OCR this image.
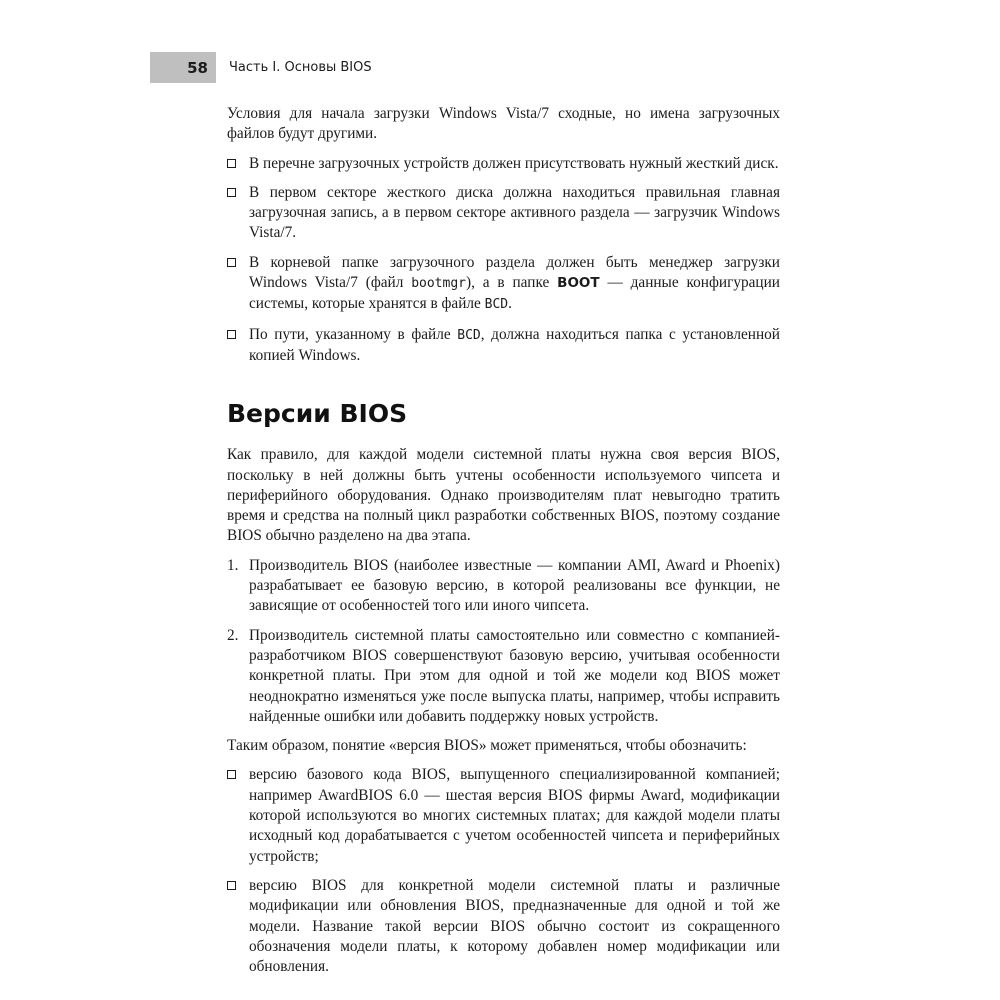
58	Часть I. Основы BIOS

Условия для начала загрузки Windows Vista/7 сходные, но имена загрузочных файлов будут другими.

В перечне загрузочных устройств должен присутствовать нужный жесткий диск.
В первом секторе жесткого диска должна находиться правильная главная загрузочная запись, а в первом секторе активного раздела — загрузчик Windows Vista/7.
В корневой папке загрузочного раздела должен быть менеджер загрузки Windows Vista/7 (файл bootmgr), а в папке BOOT — данные конфигурации системы, которые хранятся в файле BCD.
По пути, указанному в файле BCD, должна находиться папка с установленной копией Windows.
Версии BIOS

Как правило, для каждой модели системной платы нужна своя версия BIOS, поскольку в ней должны быть учтены особенности используемого чипсета и периферийного оборудования. Однако производителям плат невыгодно тратить время и средства на полный цикл разработки собственных BIOS, поэтому создание BIOS обычно разделено на два этапа.

1. Производитель BIOS (наиболее известные — компании AMI, Award и Phoenix) разрабатывает ее базовую версию, в которой реализованы все функции, не зависящие от особенностей того или иного чипсета.
2. Производитель системной платы самостоятельно или совместно с компанией-разработчиком BIOS совершенствуют базовую версию, учитывая особенности конкретной платы. При этом для одной и той же модели код BIOS может неоднократно изменяться уже после выпуска платы, например, чтобы исправить найденные ошибки или добавить поддержку новых устройств.

Таким образом, понятие «версия BIOS» может применяться, чтобы обозначить:

версию базового кода BIOS, выпущенного специализированной компанией; например AwardBIOS 6.0 — шестая версия BIOS фирмы Award, модификации которой используются во многих системных платах; для каждой модели платы исходный код дорабатывается с учетом особенностей чипсета и периферийных устройств;
версию BIOS для конкретной модели системной платы и различные модификации или обновления BIOS, предназначенные для одной и той же модели. Название такой версии BIOS обычно состоит из сокращенного обозначения модели платы, к которому добавлен номер модификации или обновления.
